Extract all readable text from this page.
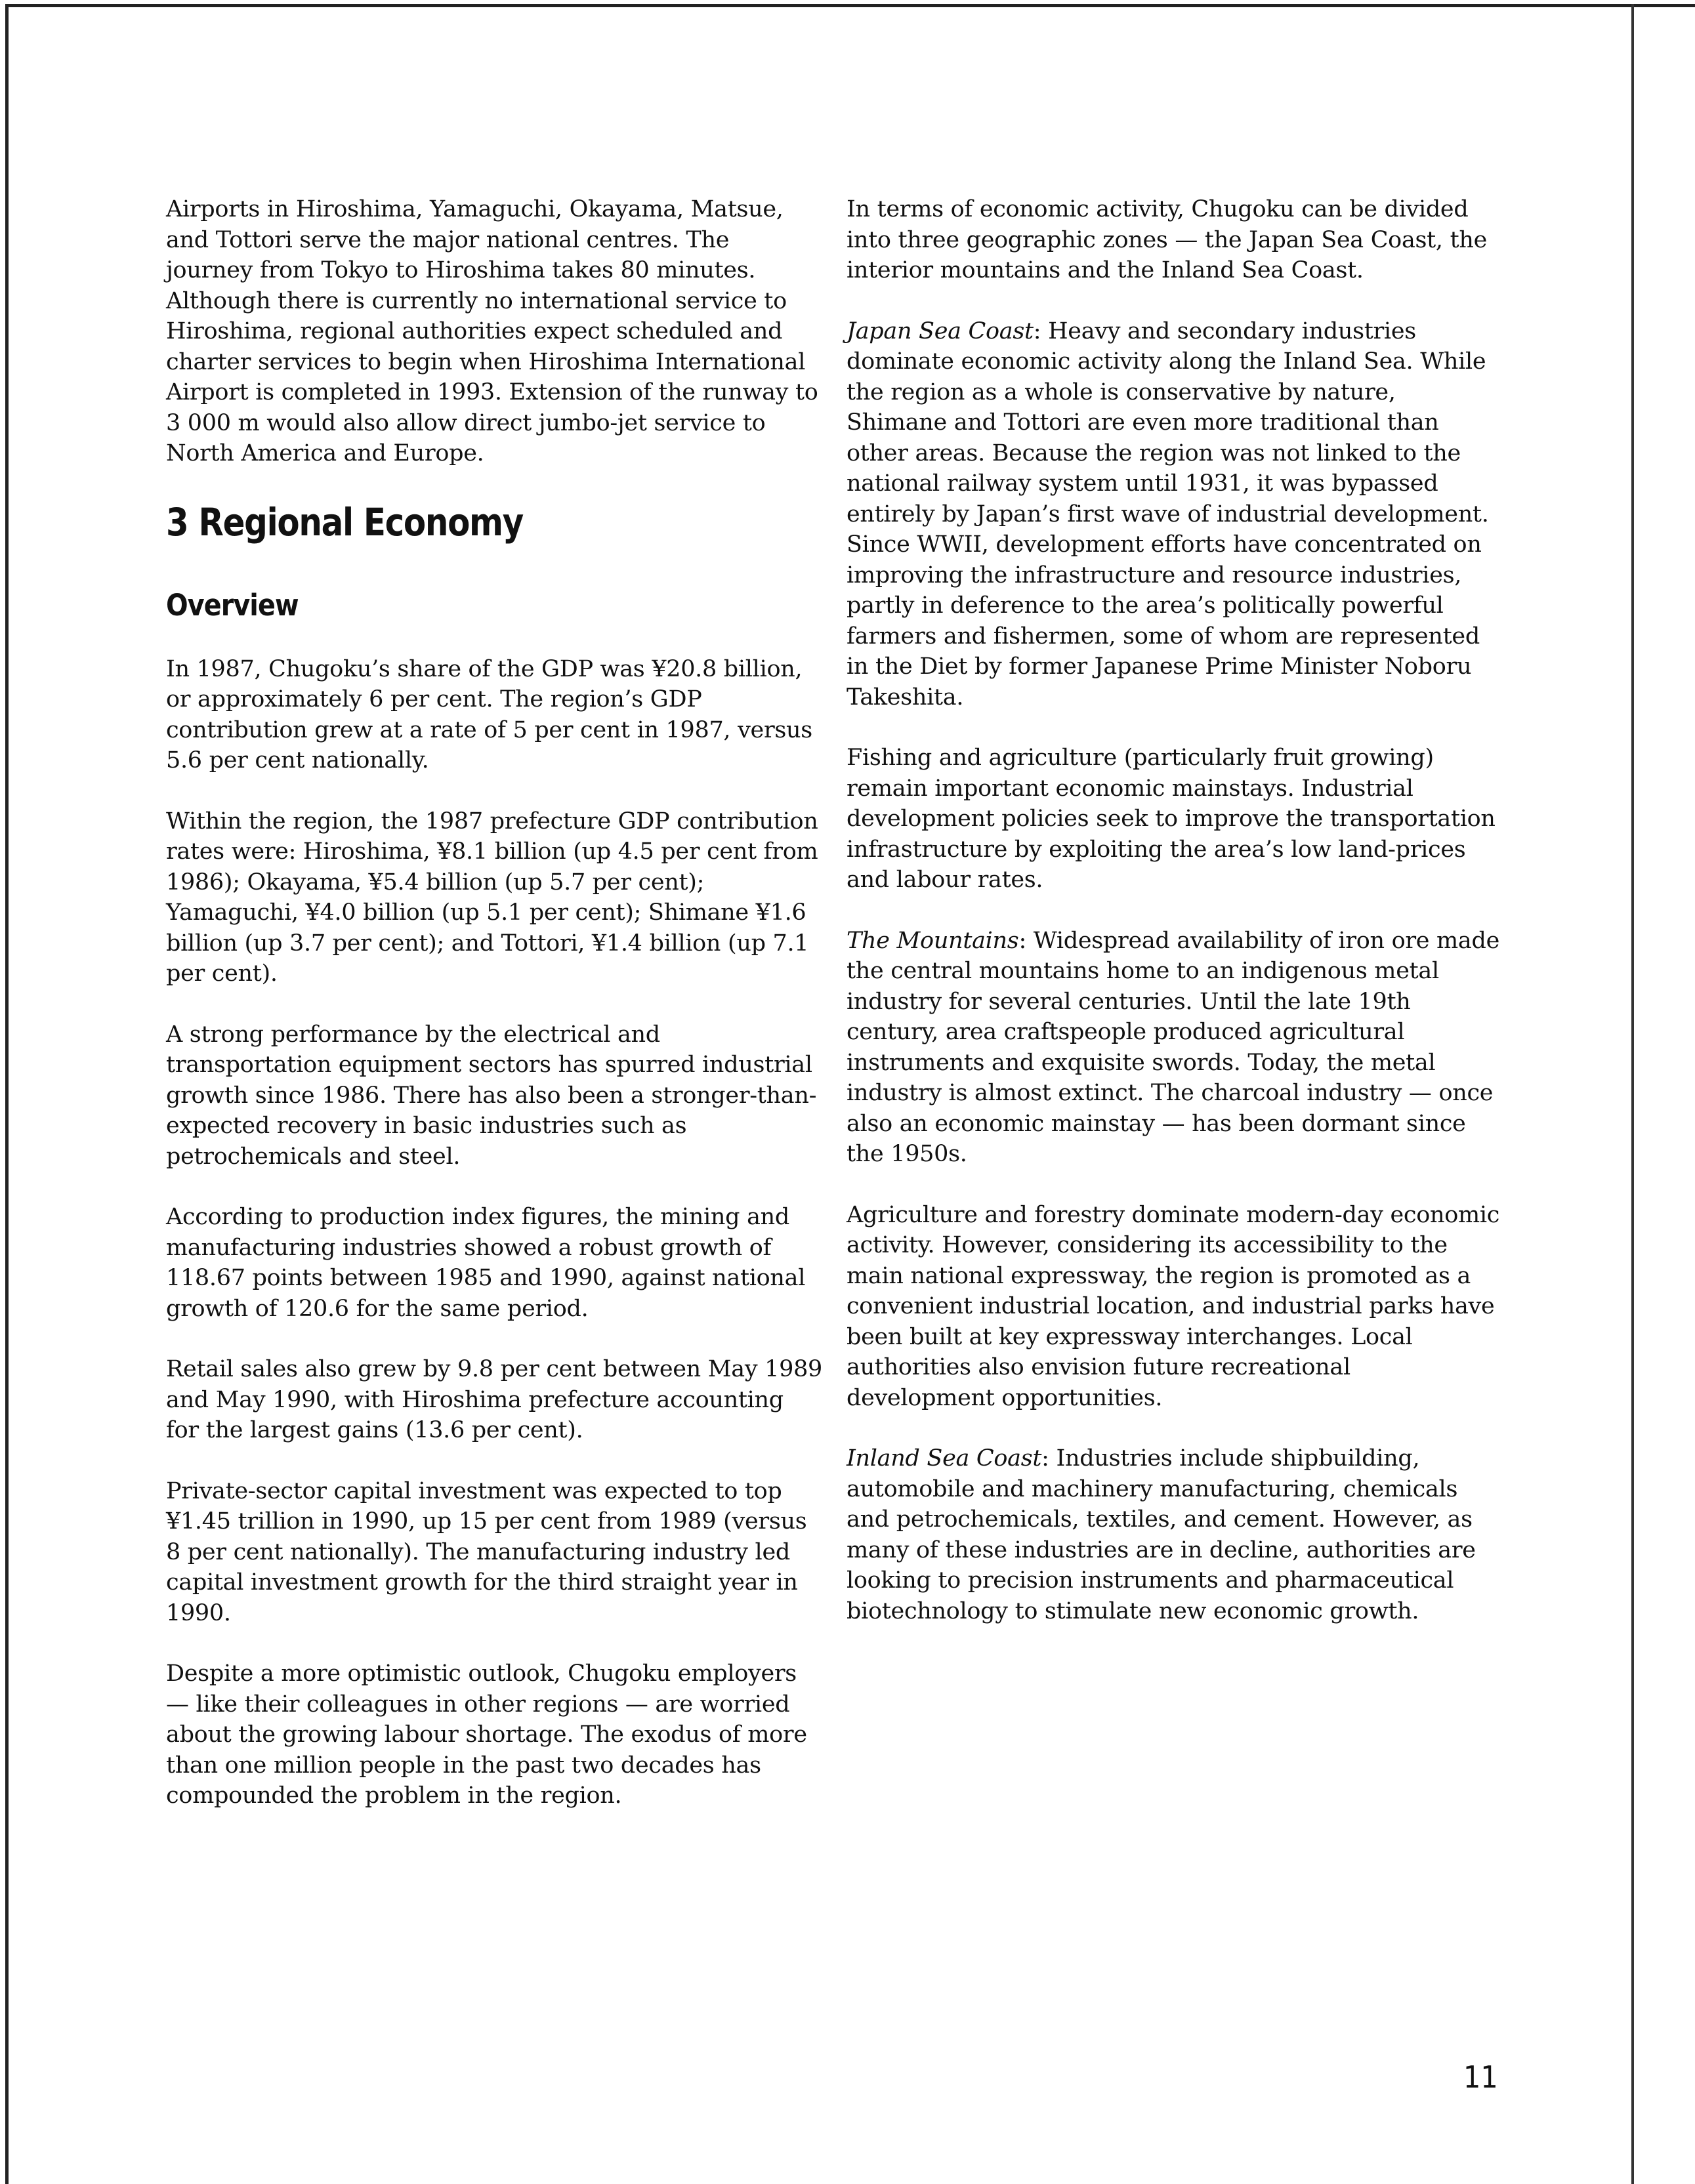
Airports in Hiroshima, Yamaguchi, Okayama, Matsue, and Tottori serve the major national centres. The journey from Tokyo to Hiroshima takes 80 minutes. Although there is currently no international service to Hiroshima, regional authorities expect scheduled and charter services to begin when Hiroshima International Airport is completed in 1993. Extension of the runway to 3 000 m would also allow direct jumbo-jet service to North America and Europe.

3 Regional Economy
Overview

In 1987, Chugoku’s share of the GDP was ¥20.8 billion, or approximately 6 per cent. The region’s GDP contribution grew at a rate of 5 per cent in 1987, versus 5.6 per cent nationally.

Within the region, the 1987 prefecture GDP contribution rates were: Hiroshima, ¥8.1 billion (up 4.5 per cent from 1986); Okayama, ¥5.4 billion (up 5.7 per cent); Yamaguchi, ¥4.0 billion (up 5.1 per cent); Shimane ¥1.6 billion (up 3.7 per cent); and Tottori, ¥1.4 billion (up 7.1 per cent).

A strong performance by the electrical and transportation equipment sectors has spurred industrial growth since 1986. There has also been a stronger-than-expected recovery in basic industries such as petrochemicals and steel.

According to production index figures, the mining and manufacturing industries showed a robust growth of 118.67 points between 1985 and 1990, against national growth of 120.6 for the same period.

Retail sales also grew by 9.8 per cent between May 1989 and May 1990, with Hiroshima prefecture accounting for the largest gains (13.6 per cent).

Private-sector capital investment was expected to top ¥1.45 trillion in 1990, up 15 per cent from 1989 (versus 8 per cent nationally). The manufacturing industry led capital investment growth for the third straight year in 1990.

Despite a more optimistic outlook, Chugoku employers — like their colleagues in other regions — are worried about the growing labour shortage. The exodus of more than one million people in the past two decades has compounded the problem in the region.

In terms of economic activity, Chugoku can be divided into three geographic zones — the Japan Sea Coast, the interior mountains and the Inland Sea Coast.

Japan Sea Coast: Heavy and secondary industries dominate economic activity along the Inland Sea. While the region as a whole is conservative by nature, Shimane and Tottori are even more traditional than other areas. Because the region was not linked to the national railway system until 1931, it was bypassed entirely by Japan’s first wave of industrial development. Since WWII, development efforts have concentrated on improving the infrastructure and resource industries, partly in deference to the area’s politically powerful farmers and fishermen, some of whom are represented in the Diet by former Japanese Prime Minister Noboru Takeshita.

Fishing and agriculture (particularly fruit growing) remain important economic mainstays. Industrial development policies seek to improve the transportation infrastructure by exploiting the area’s low land-prices and labour rates.

The Mountains: Widespread availability of iron ore made the central mountains home to an indigenous metal industry for several centuries. Until the late 19th century, area craftspeople produced agricultural instruments and exquisite swords. Today, the metal industry is almost extinct. The charcoal industry — once also an economic mainstay — has been dormant since the 1950s.

Agriculture and forestry dominate modern-day economic activity. However, considering its accessibility to the main national expressway, the region is promoted as a convenient industrial location, and industrial parks have been built at key expressway interchanges. Local authorities also envision future recreational development opportunities.

Inland Sea Coast: Industries include shipbuilding, automobile and machinery manufacturing, chemicals and petrochemicals, textiles, and cement. However, as many of these industries are in decline, authorities are looking to precision instruments and pharmaceutical biotechnology to stimulate new economic growth.

11
